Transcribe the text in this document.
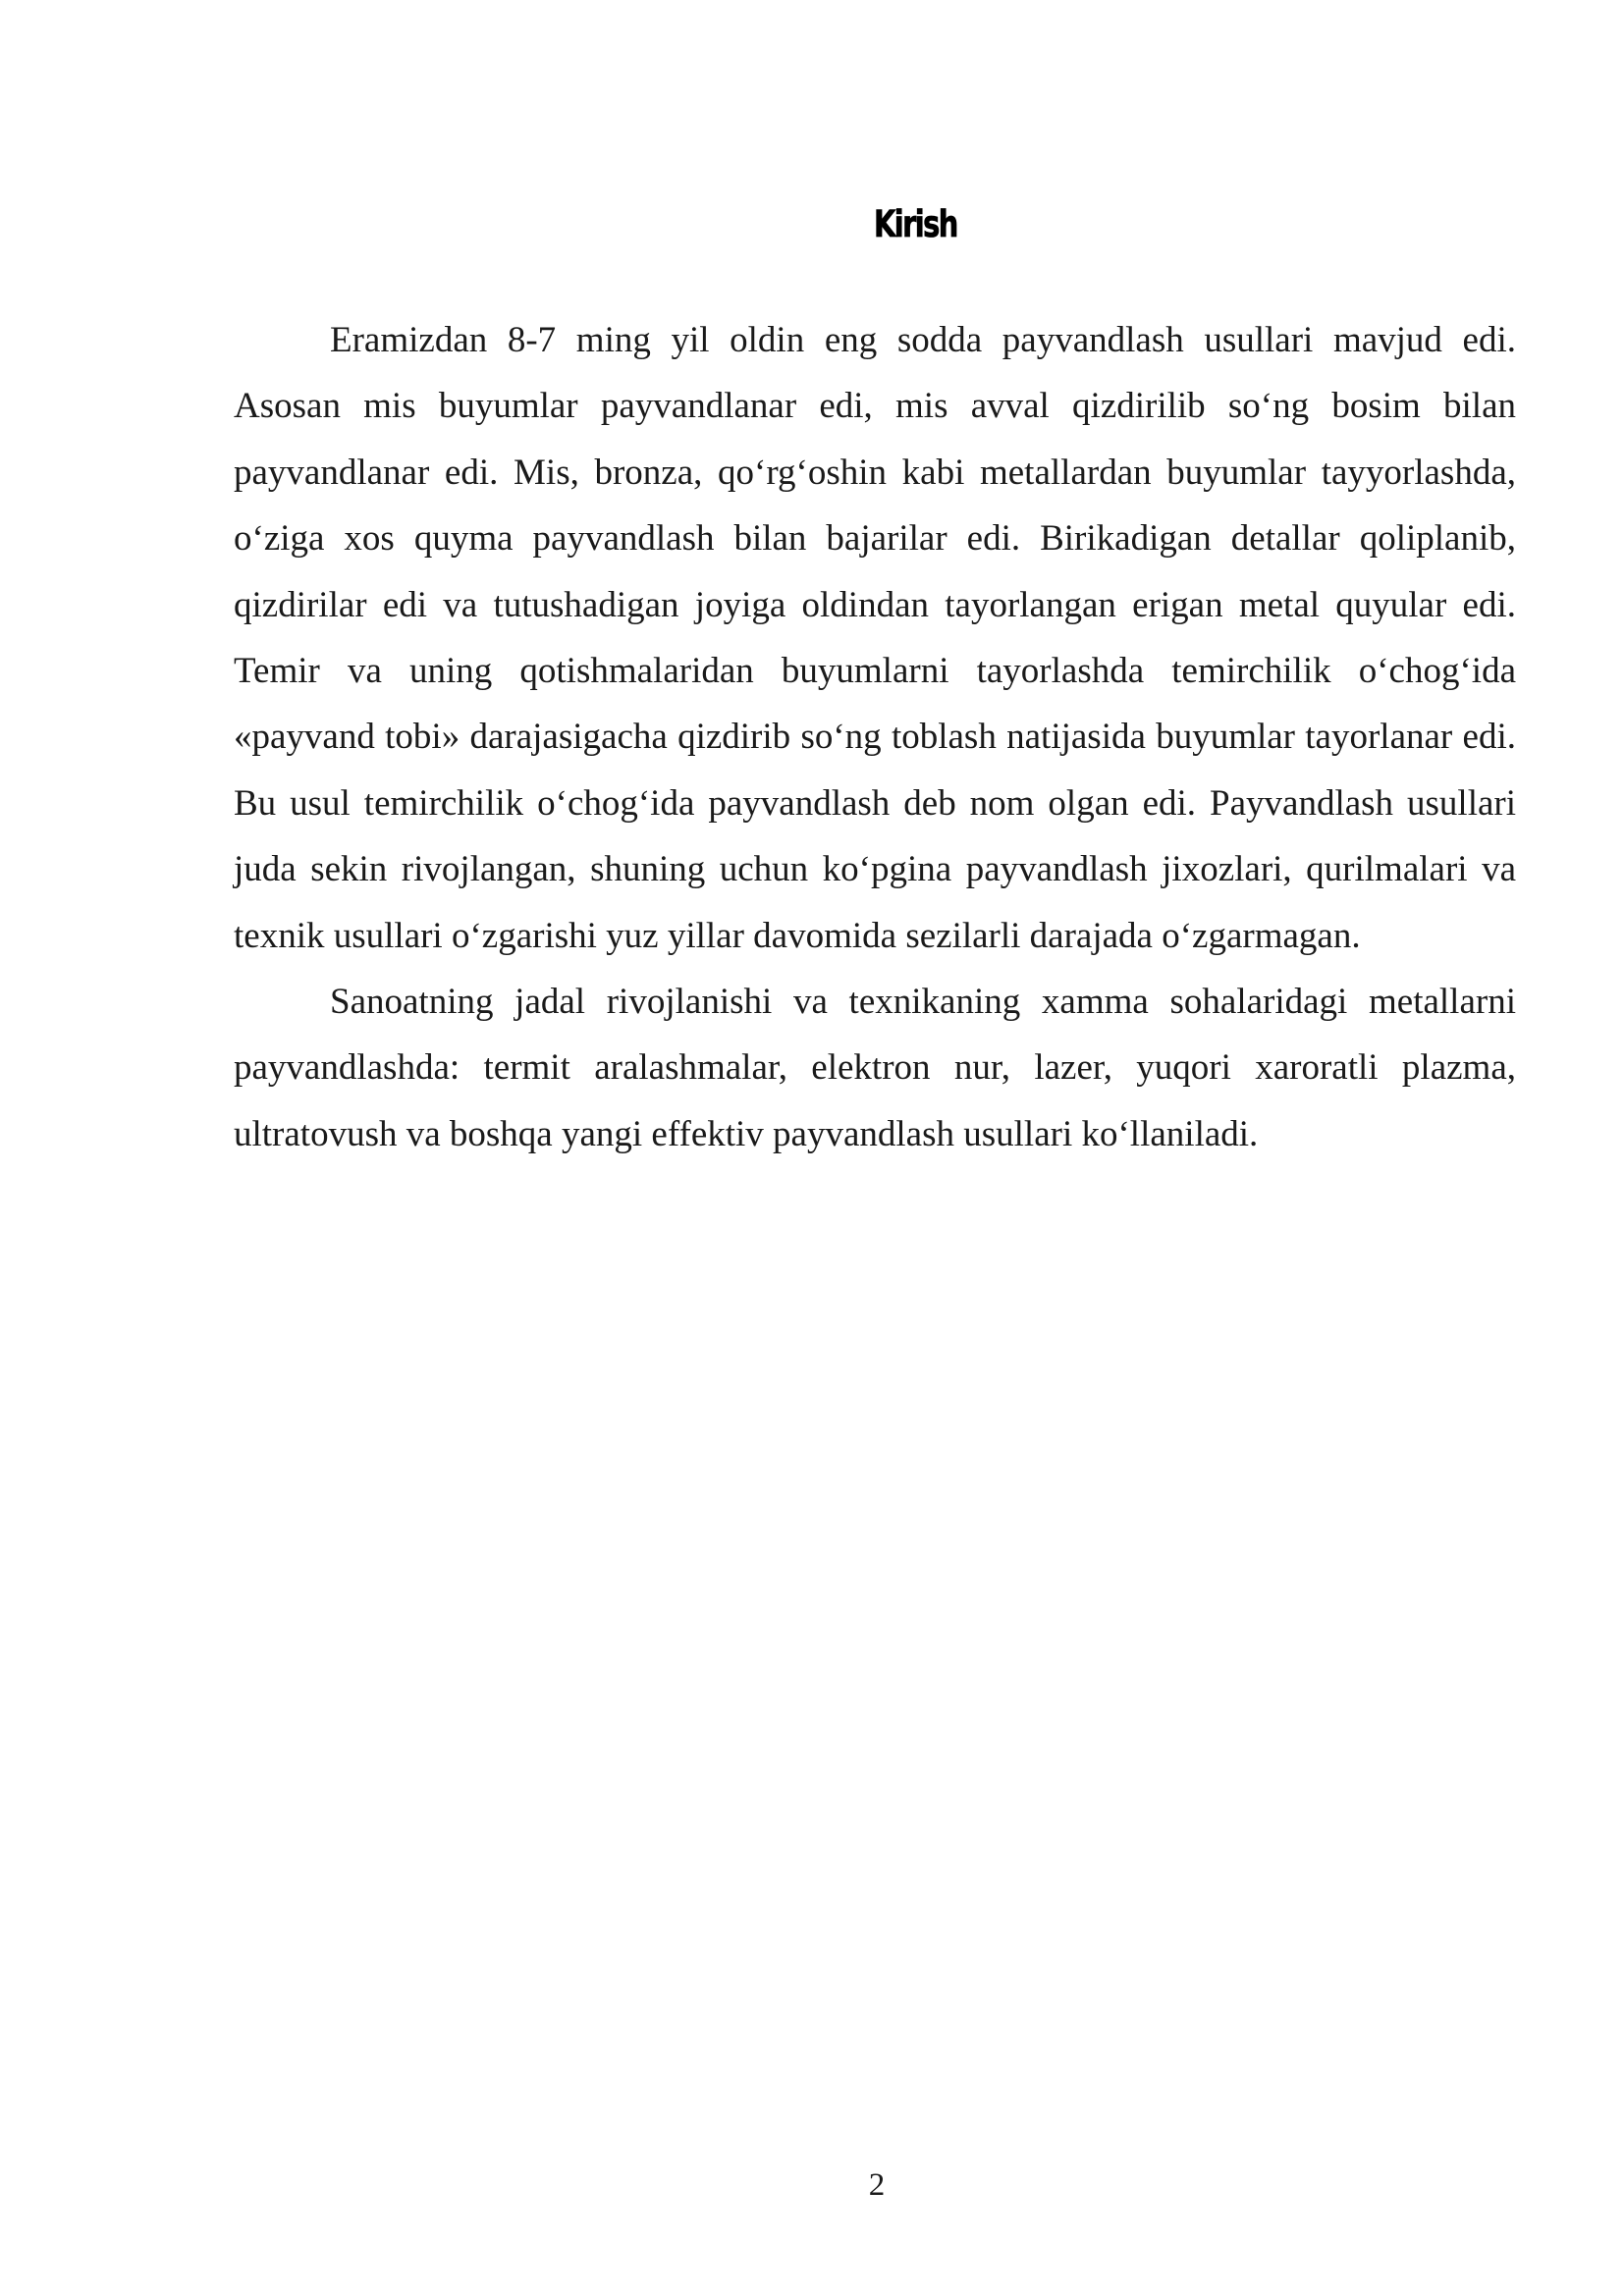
Kirish

Eramizdan 8-7 ming yil oldin eng sodda payvandlash usullari mavjud edi. Asosan mis buyumlar payvandlanar edi, mis avval qizdirilib so‘ng bosim bilan payvandlanar edi. Mis, bronza, qo‘rg‘oshin kabi metallardan buyumlar tayyorlashda, o‘ziga xos quyma payvandlash bilan bajarilar edi. Birikadigan detallar qoliplanib, qizdirilar edi va tutushadigan joyiga oldindan tayorlangan erigan metal quyular edi. Temir va uning qotishmalaridan buyumlarni tayorlashda temirchilik o‘chog‘ida «payvand tobi» darajasigacha qizdirib so‘ng toblash natijasida buyumlar tayorlanar edi. Bu usul temirchilik o‘chog‘ida payvandlash deb nom olgan edi. Payvandlash usullari juda sekin rivojlangan, shuning uchun ko‘pgina payvandlash jixozlari, qurilmalari va texnik usullari o‘zgarishi yuz yillar davomida sezilarli darajada o‘zgarmagan.

Sanoatning jadal rivojlanishi va texnikaning xamma sohalaridagi metallarni payvandlashda: termit aralashmalar, elektron nur, lazer, yuqori xaroratli plazma, ultratovush va boshqa yangi effektiv payvandlash usullari ko‘llaniladi.

2
